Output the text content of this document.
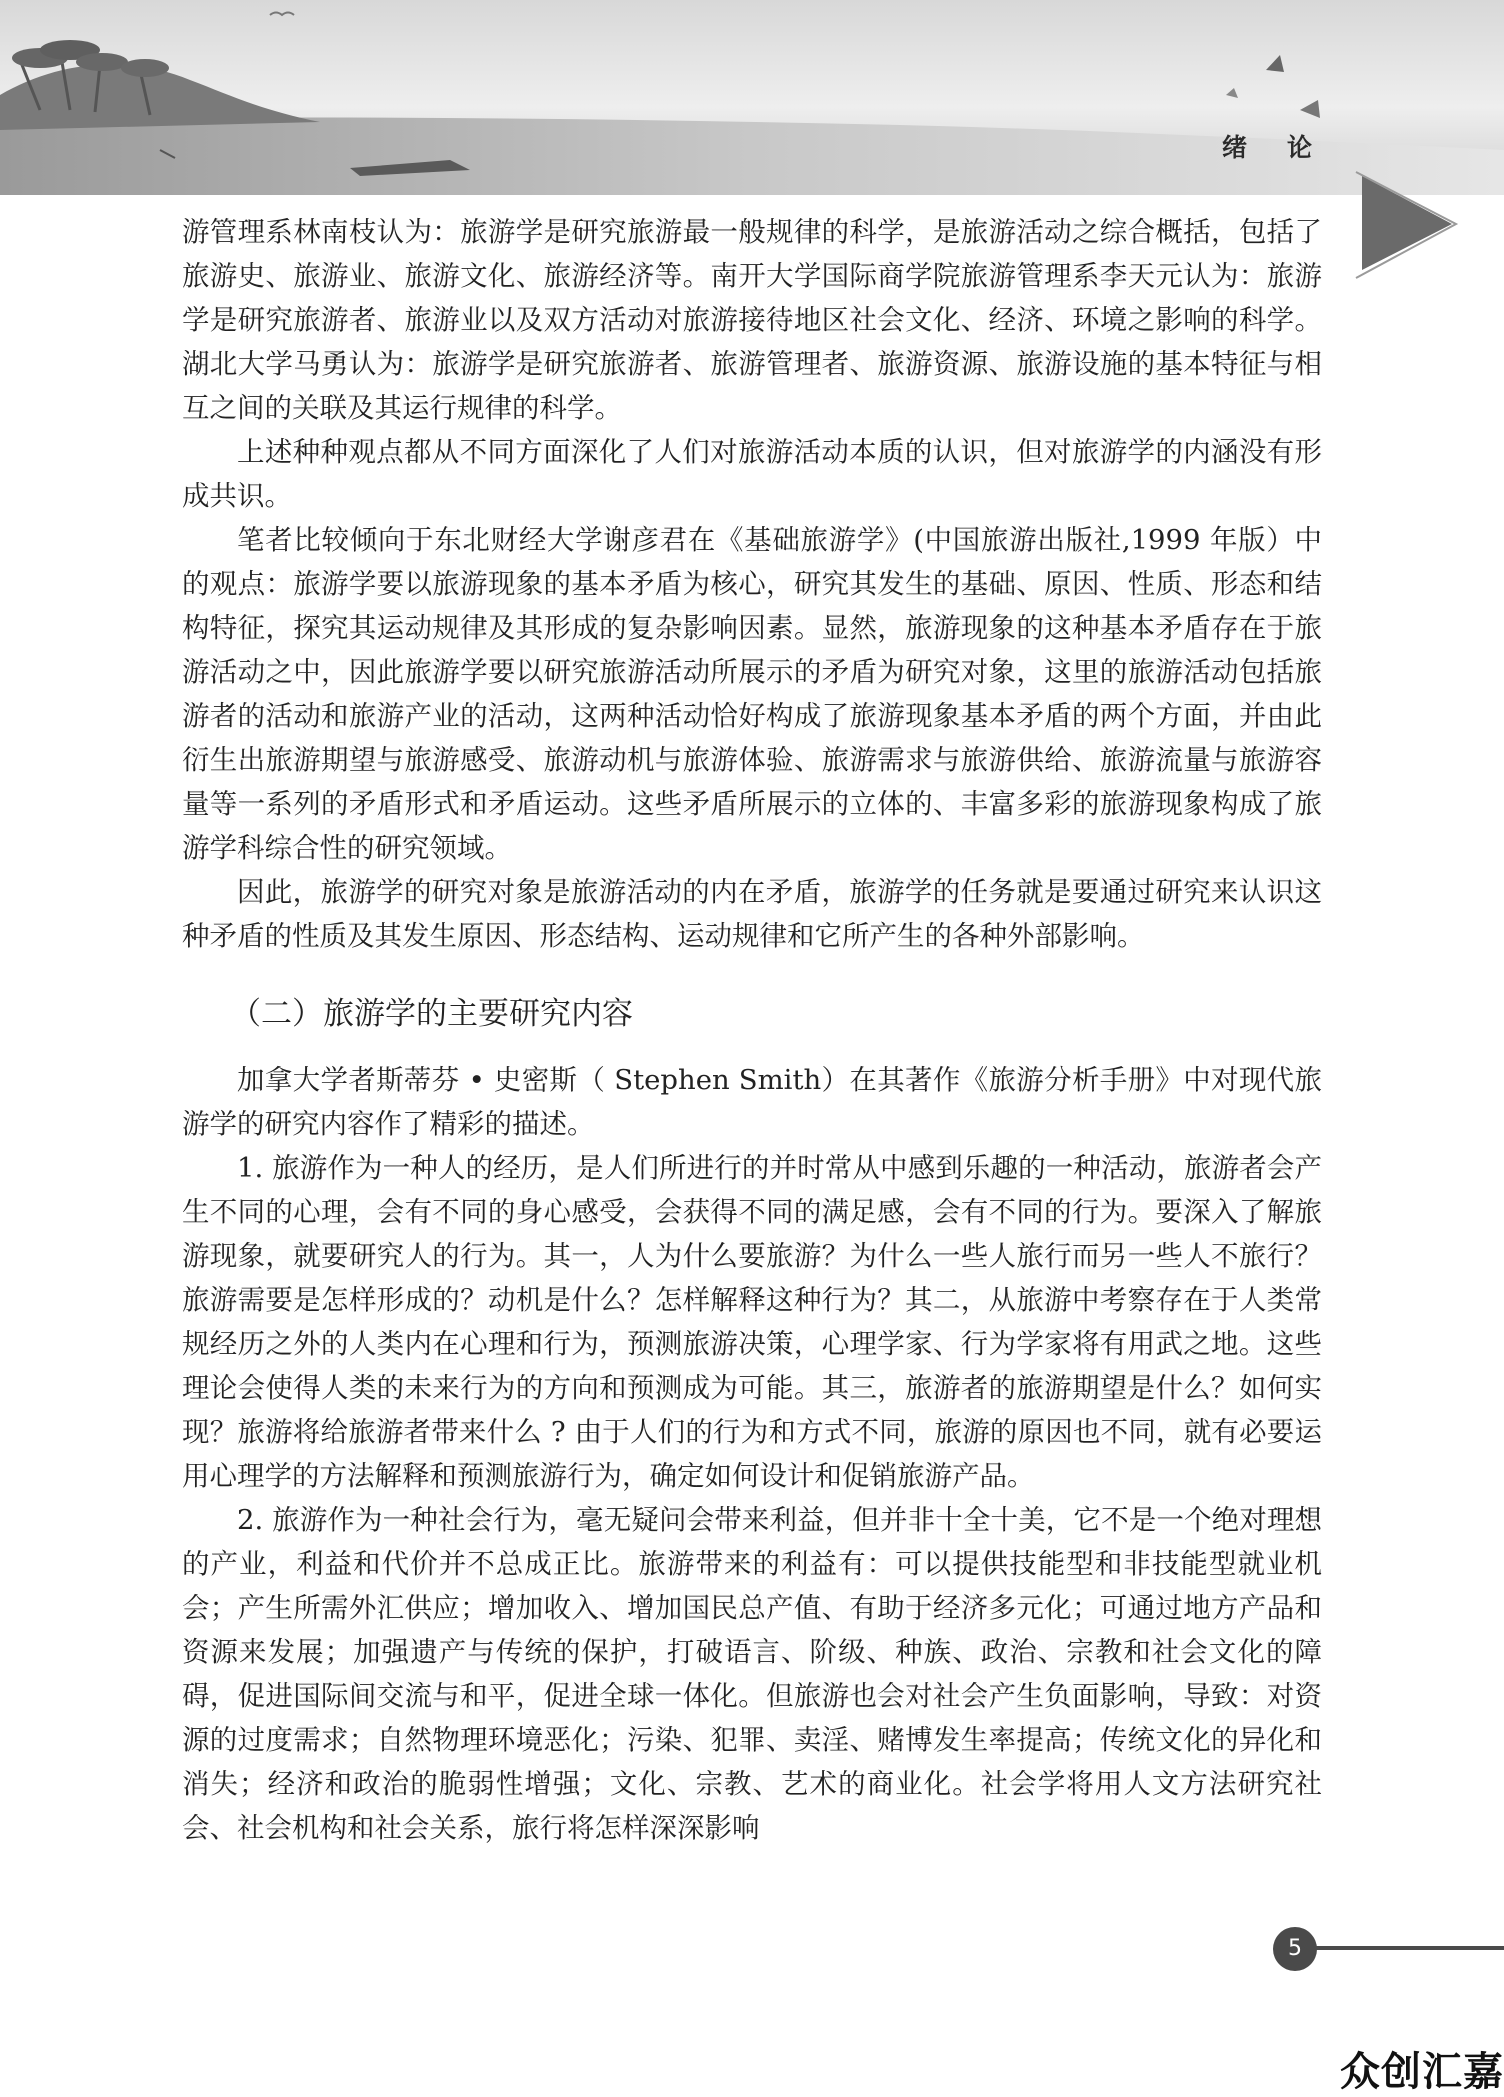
绪论

游管理系林南枝认为：旅游学是研究旅游最一般规律的科学，是旅游活动之综合概括，包括了旅游史、旅游业、旅游文化、旅游经济等。南开大学国际商学院旅游管理系李天元认为：旅游学是研究旅游者、旅游业以及双方活动对旅游接待地区社会文化、经济、环境之影响的科学。湖北大学马勇认为：旅游学是研究旅游者、旅游管理者、旅游资源、旅游设施的基本特征与相互之间的关联及其运行规律的科学。

上述种种观点都从不同方面深化了人们对旅游活动本质的认识，但对旅游学的内涵没有形成共识。

笔者比较倾向于东北财经大学谢彦君在《基础旅游学》(中国旅游出版社,1999 年版）中的观点：旅游学要以旅游现象的基本矛盾为核心，研究其发生的基础、原因、性质、形态和结构特征，探究其运动规律及其形成的复杂影响因素。显然，旅游现象的这种基本矛盾存在于旅游活动之中，因此旅游学要以研究旅游活动所展示的矛盾为研究对象，这里的旅游活动包括旅游者的活动和旅游产业的活动，这两种活动恰好构成了旅游现象基本矛盾的两个方面，并由此衍生出旅游期望与旅游感受、旅游动机与旅游体验、旅游需求与旅游供给、旅游流量与旅游容量等一系列的矛盾形式和矛盾运动。这些矛盾所展示的立体的、丰富多彩的旅游现象构成了旅游学科综合性的研究领域。

因此，旅游学的研究对象是旅游活动的内在矛盾，旅游学的任务就是要通过研究来认识这种矛盾的性质及其发生原因、形态结构、运动规律和它所产生的各种外部影响。

（二）旅游学的主要研究内容

加拿大学者斯蒂芬 • 史密斯（ Stephen Smith）在其著作《旅游分析手册》中对现代旅游学的研究内容作了精彩的描述。

1. 旅游作为一种人的经历，是人们所进行的并时常从中感到乐趣的一种活动，旅游者会产生不同的心理，会有不同的身心感受，会获得不同的满足感，会有不同的行为。要深入了解旅游现象，就要研究人的行为。其一，人为什么要旅游？为什么一些人旅行而另一些人不旅行？旅游需要是怎样形成的？动机是什么？怎样解释这种行为？其二，从旅游中考察存在于人类常规经历之外的人类内在心理和行为，预测旅游决策，心理学家、行为学家将有用武之地。这些理论会使得人类的未来行为的方向和预测成为可能。其三，旅游者的旅游期望是什么？如何实现？旅游将给旅游者带来什么 ? 由于人们的行为和方式不同，旅游的原因也不同，就有必要运用心理学的方法解释和预测旅游行为，确定如何设计和促销旅游产品。

2. 旅游作为一种社会行为，毫无疑问会带来利益，但并非十全十美，它不是一个绝对理想的产业，利益和代价并不总成正比。旅游带来的利益有：可以提供技能型和非技能型就业机会；产生所需外汇供应；增加收入、增加国民总产值、有助于经济多元化；可通过地方产品和资源来发展；加强遗产与传统的保护，打破语言、阶级、种族、政治、宗教和社会文化的障碍，促进国际间交流与和平，促进全球一体化。但旅游也会对社会产生负面影响，导致：对资源的过度需求；自然物理环境恶化；污染、犯罪、卖淫、赌博发生率提高；传统文化的异化和消失；经济和政治的脆弱性增强；文化、宗教、艺术的商业化。社会学将用人文方法研究社会、社会机构和社会关系，旅行将怎样深深影响

5
众创汇嘉
